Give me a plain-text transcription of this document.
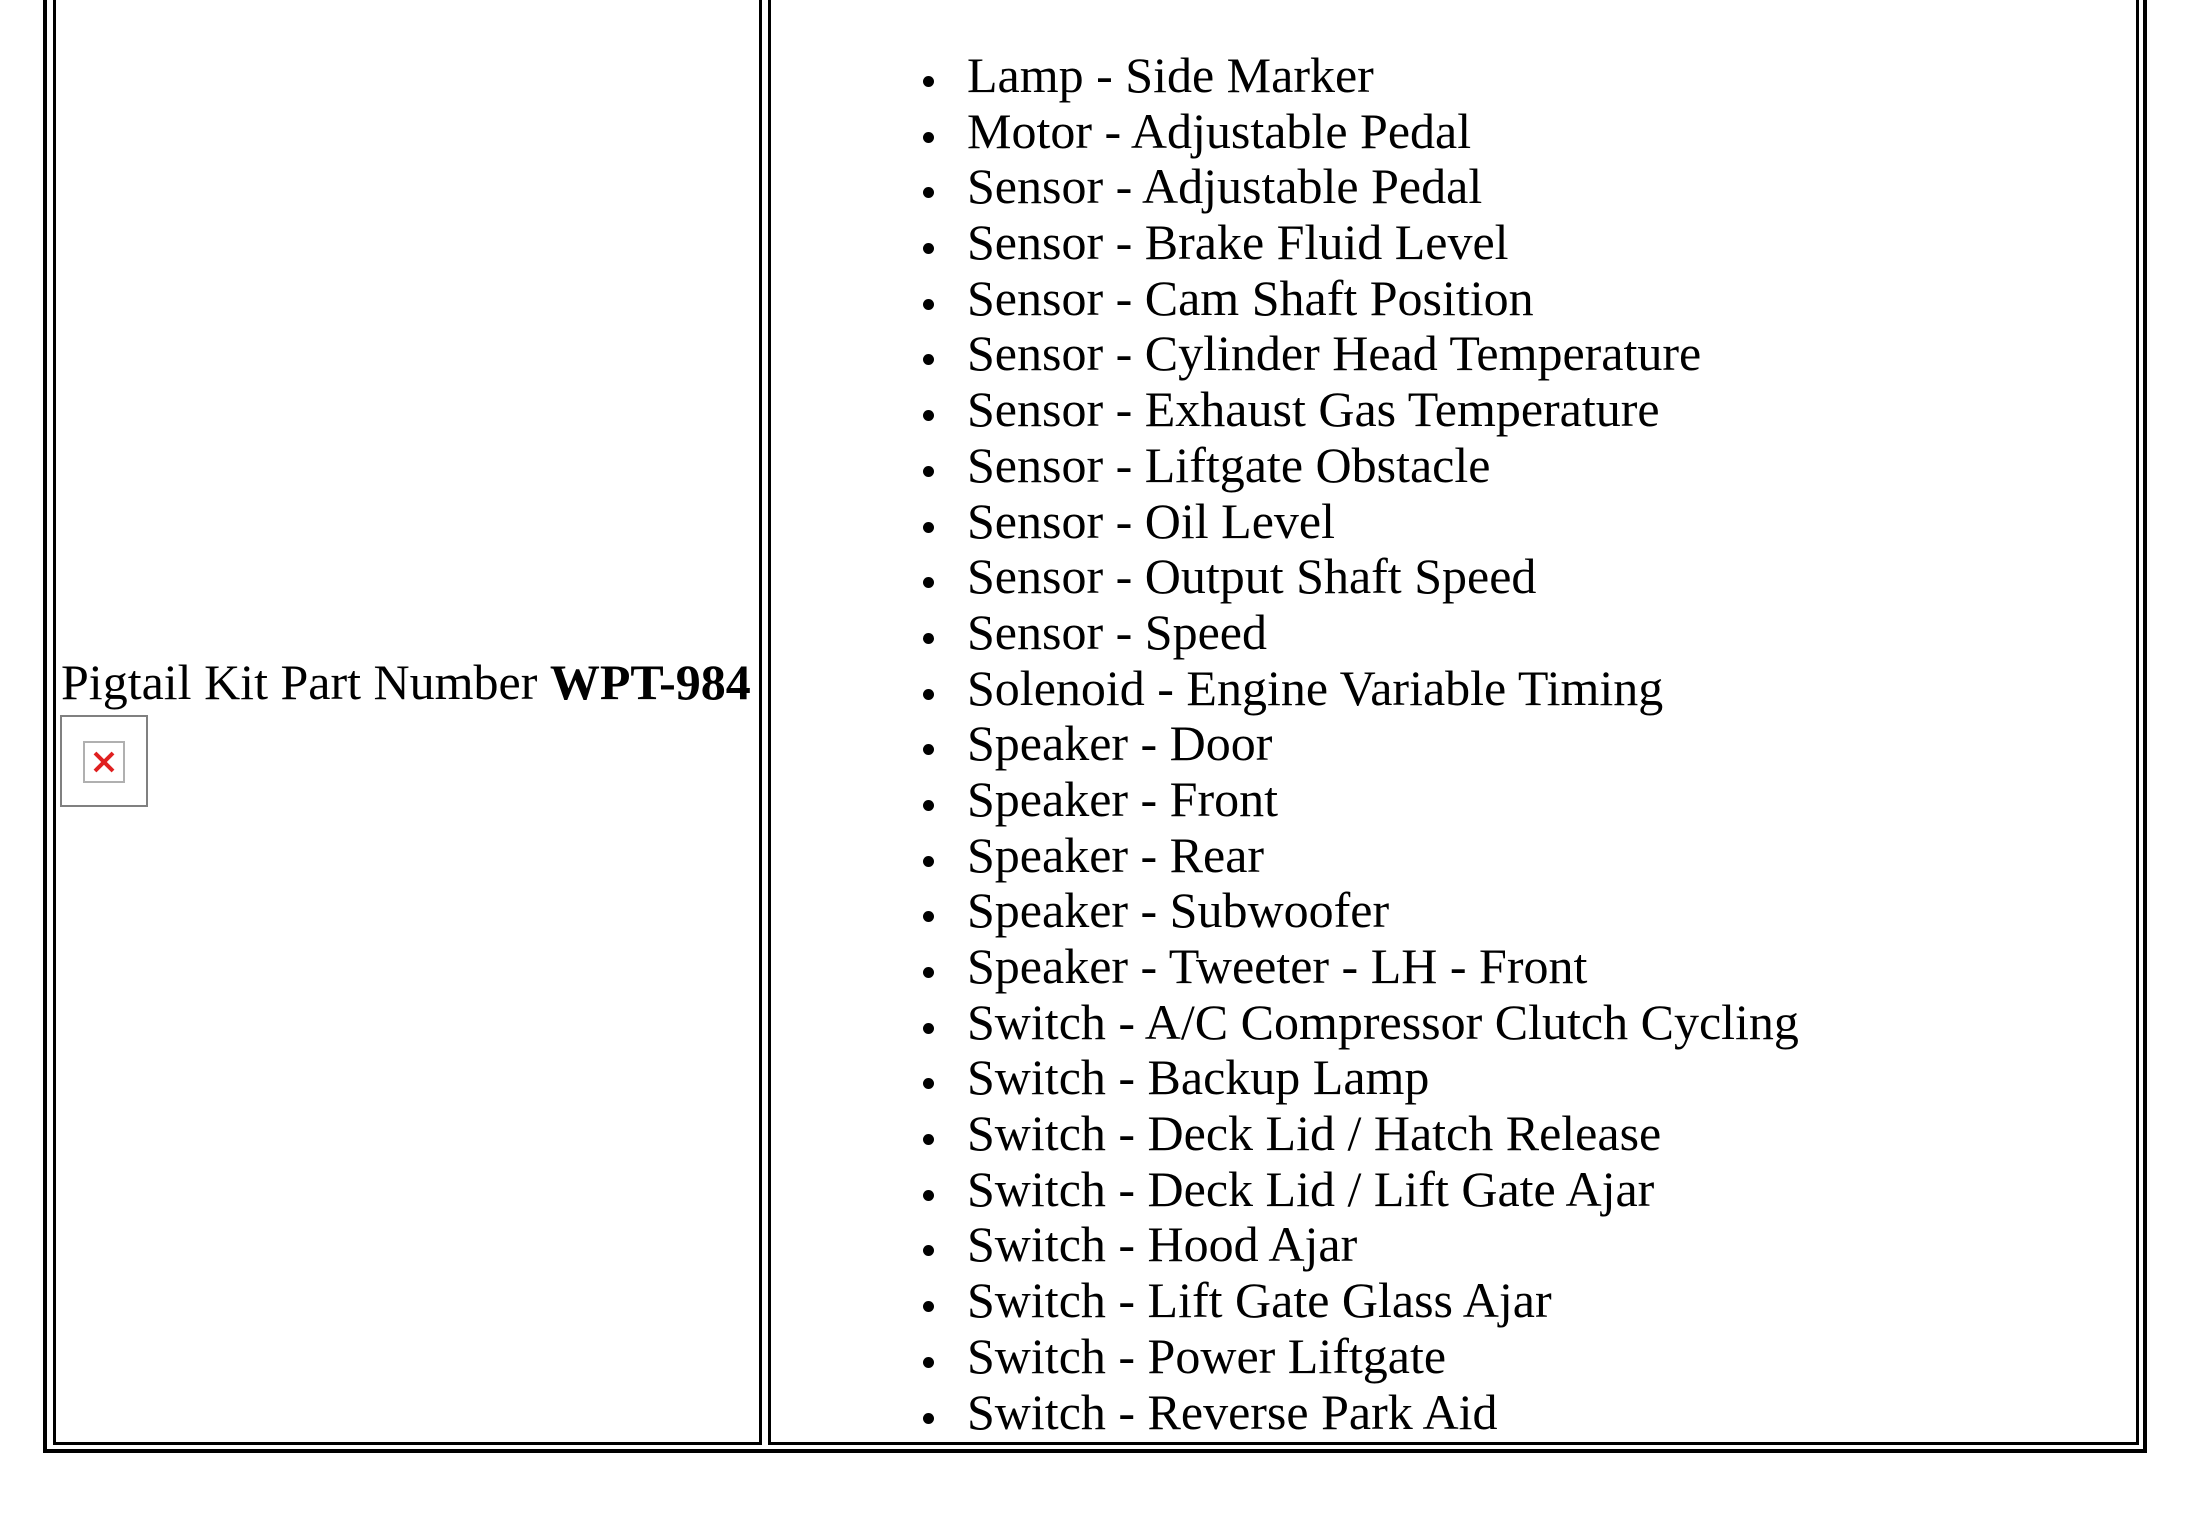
Pigtail Kit Part Number WPT-984
Lamp - Side Marker
Motor - Adjustable Pedal
Sensor - Adjustable Pedal
Sensor - Brake Fluid Level
Sensor - Cam Shaft Position
Sensor - Cylinder Head Temperature
Sensor - Exhaust Gas Temperature
Sensor - Liftgate Obstacle
Sensor - Oil Level
Sensor - Output Shaft Speed
Sensor - Speed
Solenoid - Engine Variable Timing
Speaker - Door
Speaker - Front
Speaker - Rear
Speaker - Subwoofer
Speaker - Tweeter - LH - Front
Switch - A/C Compressor Clutch Cycling
Switch - Backup Lamp
Switch - Deck Lid / Hatch Release
Switch - Deck Lid / Lift Gate Ajar
Switch - Hood Ajar
Switch - Lift Gate Glass Ajar
Switch - Power Liftgate
Switch - Reverse Park Aid
